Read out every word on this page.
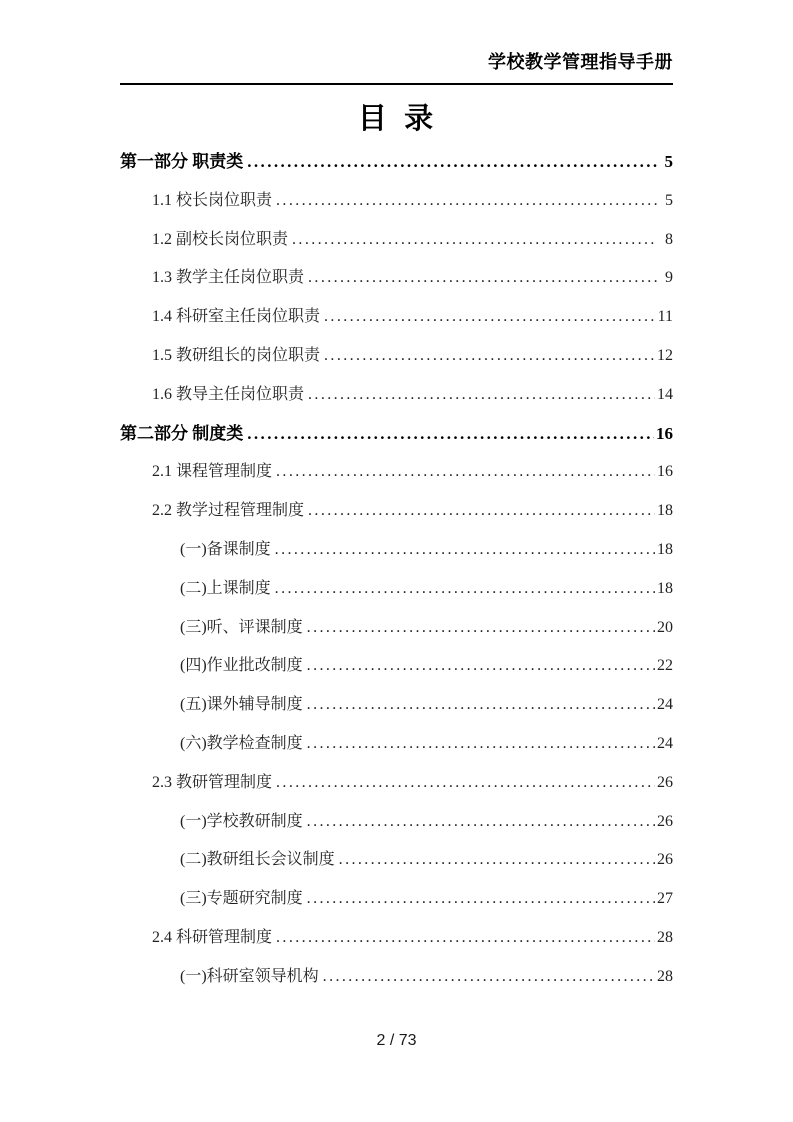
学校教学管理指导手册
目 录
第一部分 职责类 .....	5
1.1 校长岗位职责 .....	5
1.2 副校长岗位职责 .....	8
1.3 教学主任岗位职责 .....	9
1.4 科研室主任岗位职责 .....	11
1.5 教研组长的岗位职责 .....	12
1.6 教导主任岗位职责 .....	14
第二部分 制度类 .....	16
2.1 课程管理制度 .....	16
2.2 教学过程管理制度 .....	18
(一)备课制度 .....	18
(二)上课制度 .....	18
(三)听、评课制度 .....	20
(四)作业批改制度 .....	22
(五)课外辅导制度 .....	24
(六)教学检查制度 .....	24
2.3 教研管理制度 .....	26
(一)学校教研制度 .....	26
(二)教研组长会议制度 .....	26
(三)专题研究制度 .....	27
2.4 科研管理制度 .....	28
(一)科研室领导机构 .....	28
2 / 73
